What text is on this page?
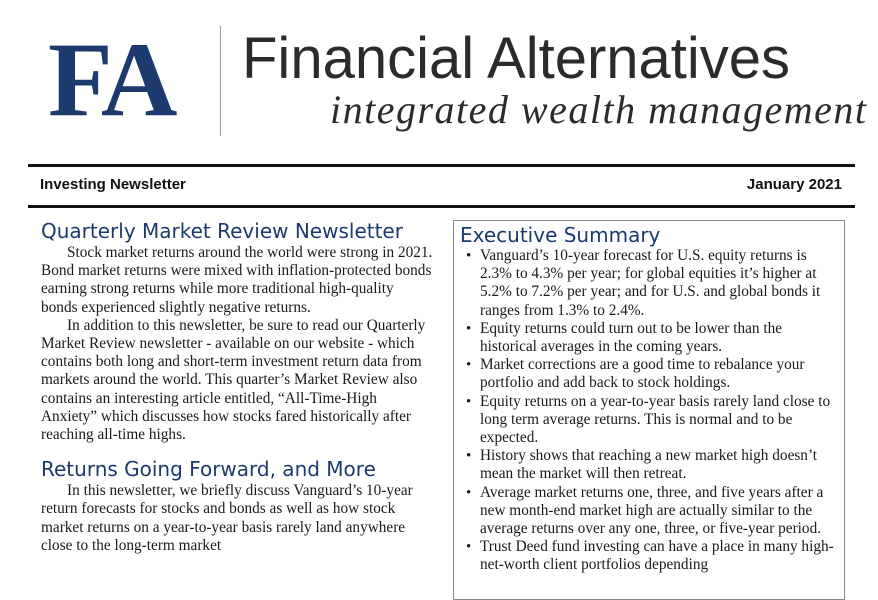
FA Financial Alternatives
integrated wealth management
Investing Newsletter	January 2021
Quarterly Market Review Newsletter

Stock market returns around the world were strong in 2021. Bond market returns were mixed with inflation-protected bonds earning strong returns while more traditional high-quality bonds experienced slightly negative returns.

In addition to this newsletter, be sure to read our Quarterly Market Review newsletter - available on our website - which contains both long and short-term investment return data from markets around the world. This quarter’s Market Review also contains an interesting article entitled, “All-Time-High Anxiety” which discusses how stocks fared historically after reaching all-time highs.

Returns Going Forward, and More

In this newsletter, we briefly discuss Vanguard’s 10-year return forecasts for stocks and bonds as well as how stock market returns on a year-to-year basis rarely land anywhere close to the long-term market

Executive Summary
• Vanguard’s 10-year forecast for U.S. equity returns is 2.3% to 4.3% per year; for global equities it’s higher at 5.2% to 7.2% per year; and for U.S. and global bonds it ranges from 1.3% to 2.4%.
• Equity returns could turn out to be lower than the historical averages in the coming years.
• Market corrections are a good time to rebalance your portfolio and add back to stock holdings.
• Equity returns on a year-to-year basis rarely land close to long term average returns. This is normal and to be expected.
• History shows that reaching a new market high doesn’t mean the market will then retreat.
• Average market returns one, three, and five years after a new month-end market high are actually similar to the average returns over any one, three, or five-year period.
• Trust Deed fund investing can have a place in many high-net-worth client portfolios depending
